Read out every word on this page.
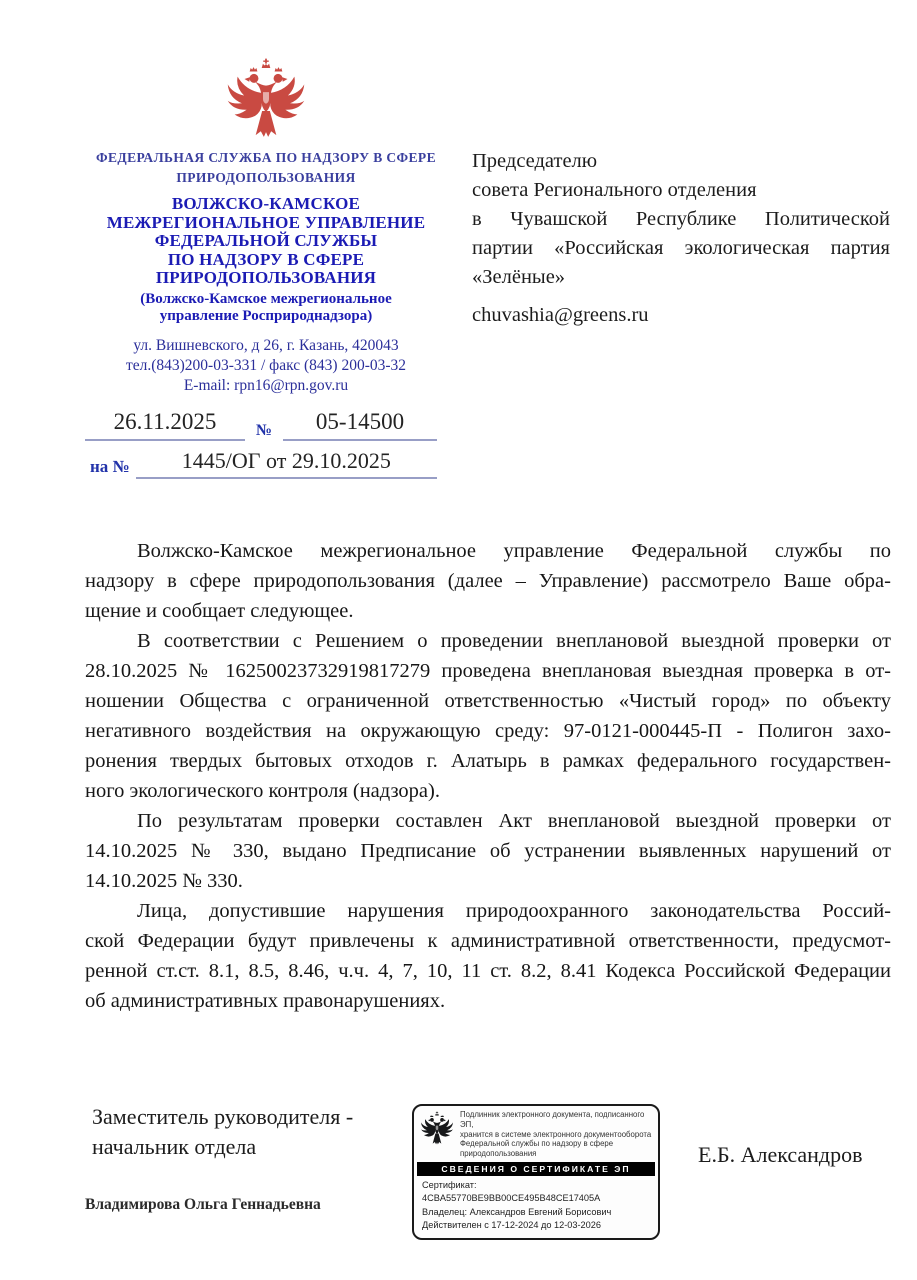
ФЕДЕРАЛЬНАЯ СЛУЖБА ПО НАДЗОРУ В СФЕРЕ
ПРИРОДОПОЛЬЗОВАНИЯ
ВОЛЖСКО-КАМСКОЕ
МЕЖРЕГИОНАЛЬНОЕ УПРАВЛЕНИЕ
ФЕДЕРАЛЬНОЙ СЛУЖБЫ
ПО НАДЗОРУ В СФЕРЕ
ПРИРОДОПОЛЬЗОВАНИЯ
(Волжско-Камское межрегиональное
управление Росприроднадзора)
ул. Вишневского, д 26, г. Казань, 420043
тел.(843)200-03-331 / факс (843) 200-03-32
E-mail: rpn16@rpn.gov.ru
26.11.2025	№	05-14500
на №	1445/ОГ от 29.10.2025
Председателю
совета Регионального отделения
в Чувашской Республике Политической
партии «Российская экологическая партия
«Зелёные»
chuvashia@greens.ru
Волжско-Камское межрегиональное управление Федеральной службы по
надзору в сфере природопользования (далее – Управление) рассмотрело Ваше обра-
щение и сообщает следующее.
В соответствии с Решением о проведении внеплановой выездной проверки от
28.10.2025 № 16250023732919817279 проведена внеплановая выездная проверка в от-
ношении Общества с ограниченной ответственностью «Чистый город» по объекту
негативного воздействия на окружающую среду: 97-0121-000445-П - Полигон захо-
ронения твердых бытовых отходов г. Алатырь в рамках федерального государствен-
ного экологического контроля (надзора).
По результатам проверки составлен Акт внеплановой выездной проверки от
14.10.2025 № 330, выдано Предписание об устранении выявленных нарушений от
14.10.2025 № 330.
Лица, допустившие нарушения природоохранного законодательства Россий-
ской Федерации будут привлечены к административной ответственности, предусмот-
ренной ст.ст. 8.1, 8.5, 8.46, ч.ч. 4, 7, 10, 11 ст. 8.2, 8.41 Кодекса Российской Федерации
об административных правонарушениях.
Заместитель руководителя -
начальник отдела
Подлинник электронного документа, подписанного ЭП,
хранится в системе электронного документооборота
Федеральной службы по надзору в сфере
природопользования
СВЕДЕНИЯ О СЕРТИФИКАТЕ ЭП
Сертификат: 4CBA55770BE9BB00CE495B48CE17405A
Владелец: Александров Евгений Борисович
Действителен с 17-12-2024 до 12-03-2026
Е.Б. Александров
Владимирова Ольга Геннадьевна
